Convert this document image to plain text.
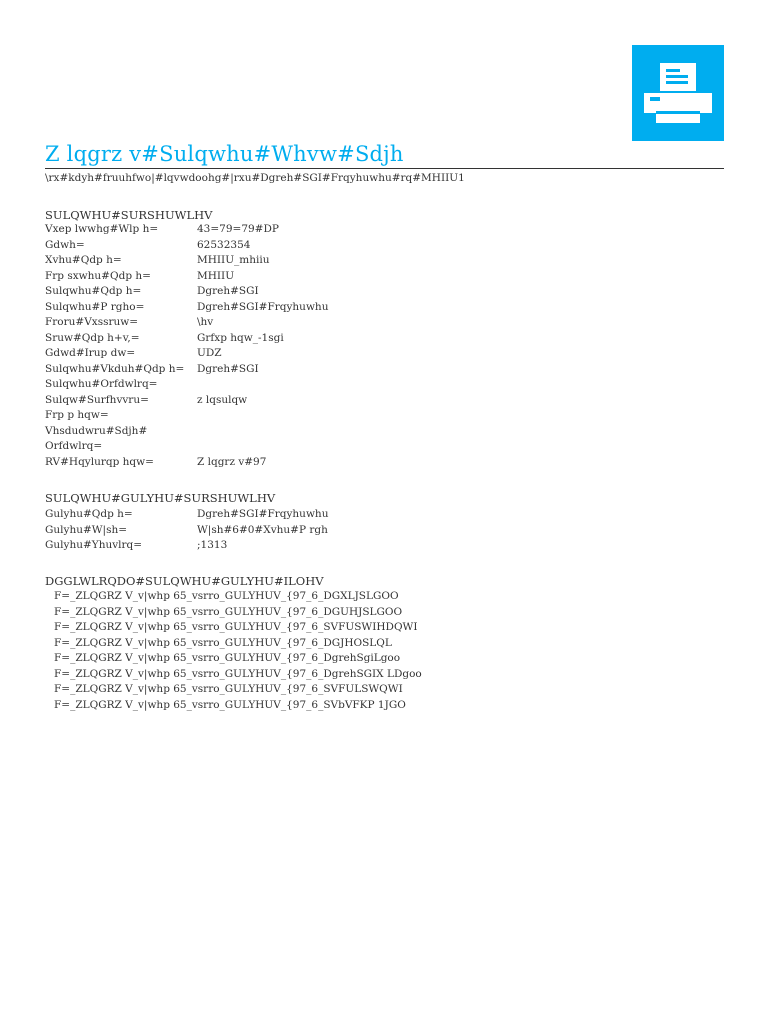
Z lqgrz v#Sulqwhu#Whvw#Sdjh
\rx#kdyh#fruuhfwo|#lqvwdoohg#|rxu#Dgreh#SGI#Frqyhuwhu#rq#MHIIU1
SULQWHU#SURSHUWLHV
Vxep lwwhg#Wlp h=	43=79=79#DP
Gdwh=	62532354
Xvhu#Qdp h=	MHIIU_mhiiu
Frp sxwhu#Qdp h=	MHIIU
Sulqwhu#Qdp h=	Dgreh#SGI
Sulqwhu#P rgho=	Dgreh#SGI#Frqyhuwhu
Froru#Vxssruw=	\hv
Sruw#Qdp h+v,=	Grfxp hqw_-1sgi
Gdwd#Irup dw=	UDZ
Sulqwhu#Vkduh#Qdp h= Dgreh#SGI
Sulqwhu#Orfdwlrq=
Sulqw#Surfhvvru=	z lqsulqw
Frp p hqw=
Vhsdudwru#Sdjh#
Orfdwlrq=
RV#Hqylurqp hqw=	Z lqgrz v#97
SULQWHU#GULYHU#SURSHUWLHV
Gulyhu#Qdp h=	Dgreh#SGI#Frqyhuwhu
Gulyhu#W|sh=	W|sh#6#0#Xvhu#P rgh
Gulyhu#Yhuvlrq=	;1313
DGGLWLRQDO#SULQWHU#GULYHU#ILOHV
F=_ZLQGRZ V_v|whp 65_vsrro_GULYHUV_{97_6_DGXLJSLGOO
F=_ZLQGRZ V_v|whp 65_vsrro_GULYHUV_{97_6_DGUHJSLGOO
F=_ZLQGRZ V_v|whp 65_vsrro_GULYHUV_{97_6_SVFUSWIHDQWI
F=_ZLQGRZ V_v|whp 65_vsrro_GULYHUV_{97_6_DGJHOSLQL
F=_ZLQGRZ V_v|whp 65_vsrro_GULYHUV_{97_6_DgrehSgiLgoo
F=_ZLQGRZ V_v|whp 65_vsrro_GULYHUV_{97_6_DgrehSGIX LDgoo
F=_ZLQGRZ V_v|whp 65_vsrro_GULYHUV_{97_6_SVFULSWQWI
F=_ZLQGRZ V_v|whp 65_vsrro_GULYHUV_{97_6_SVbVFKP 1JGO
